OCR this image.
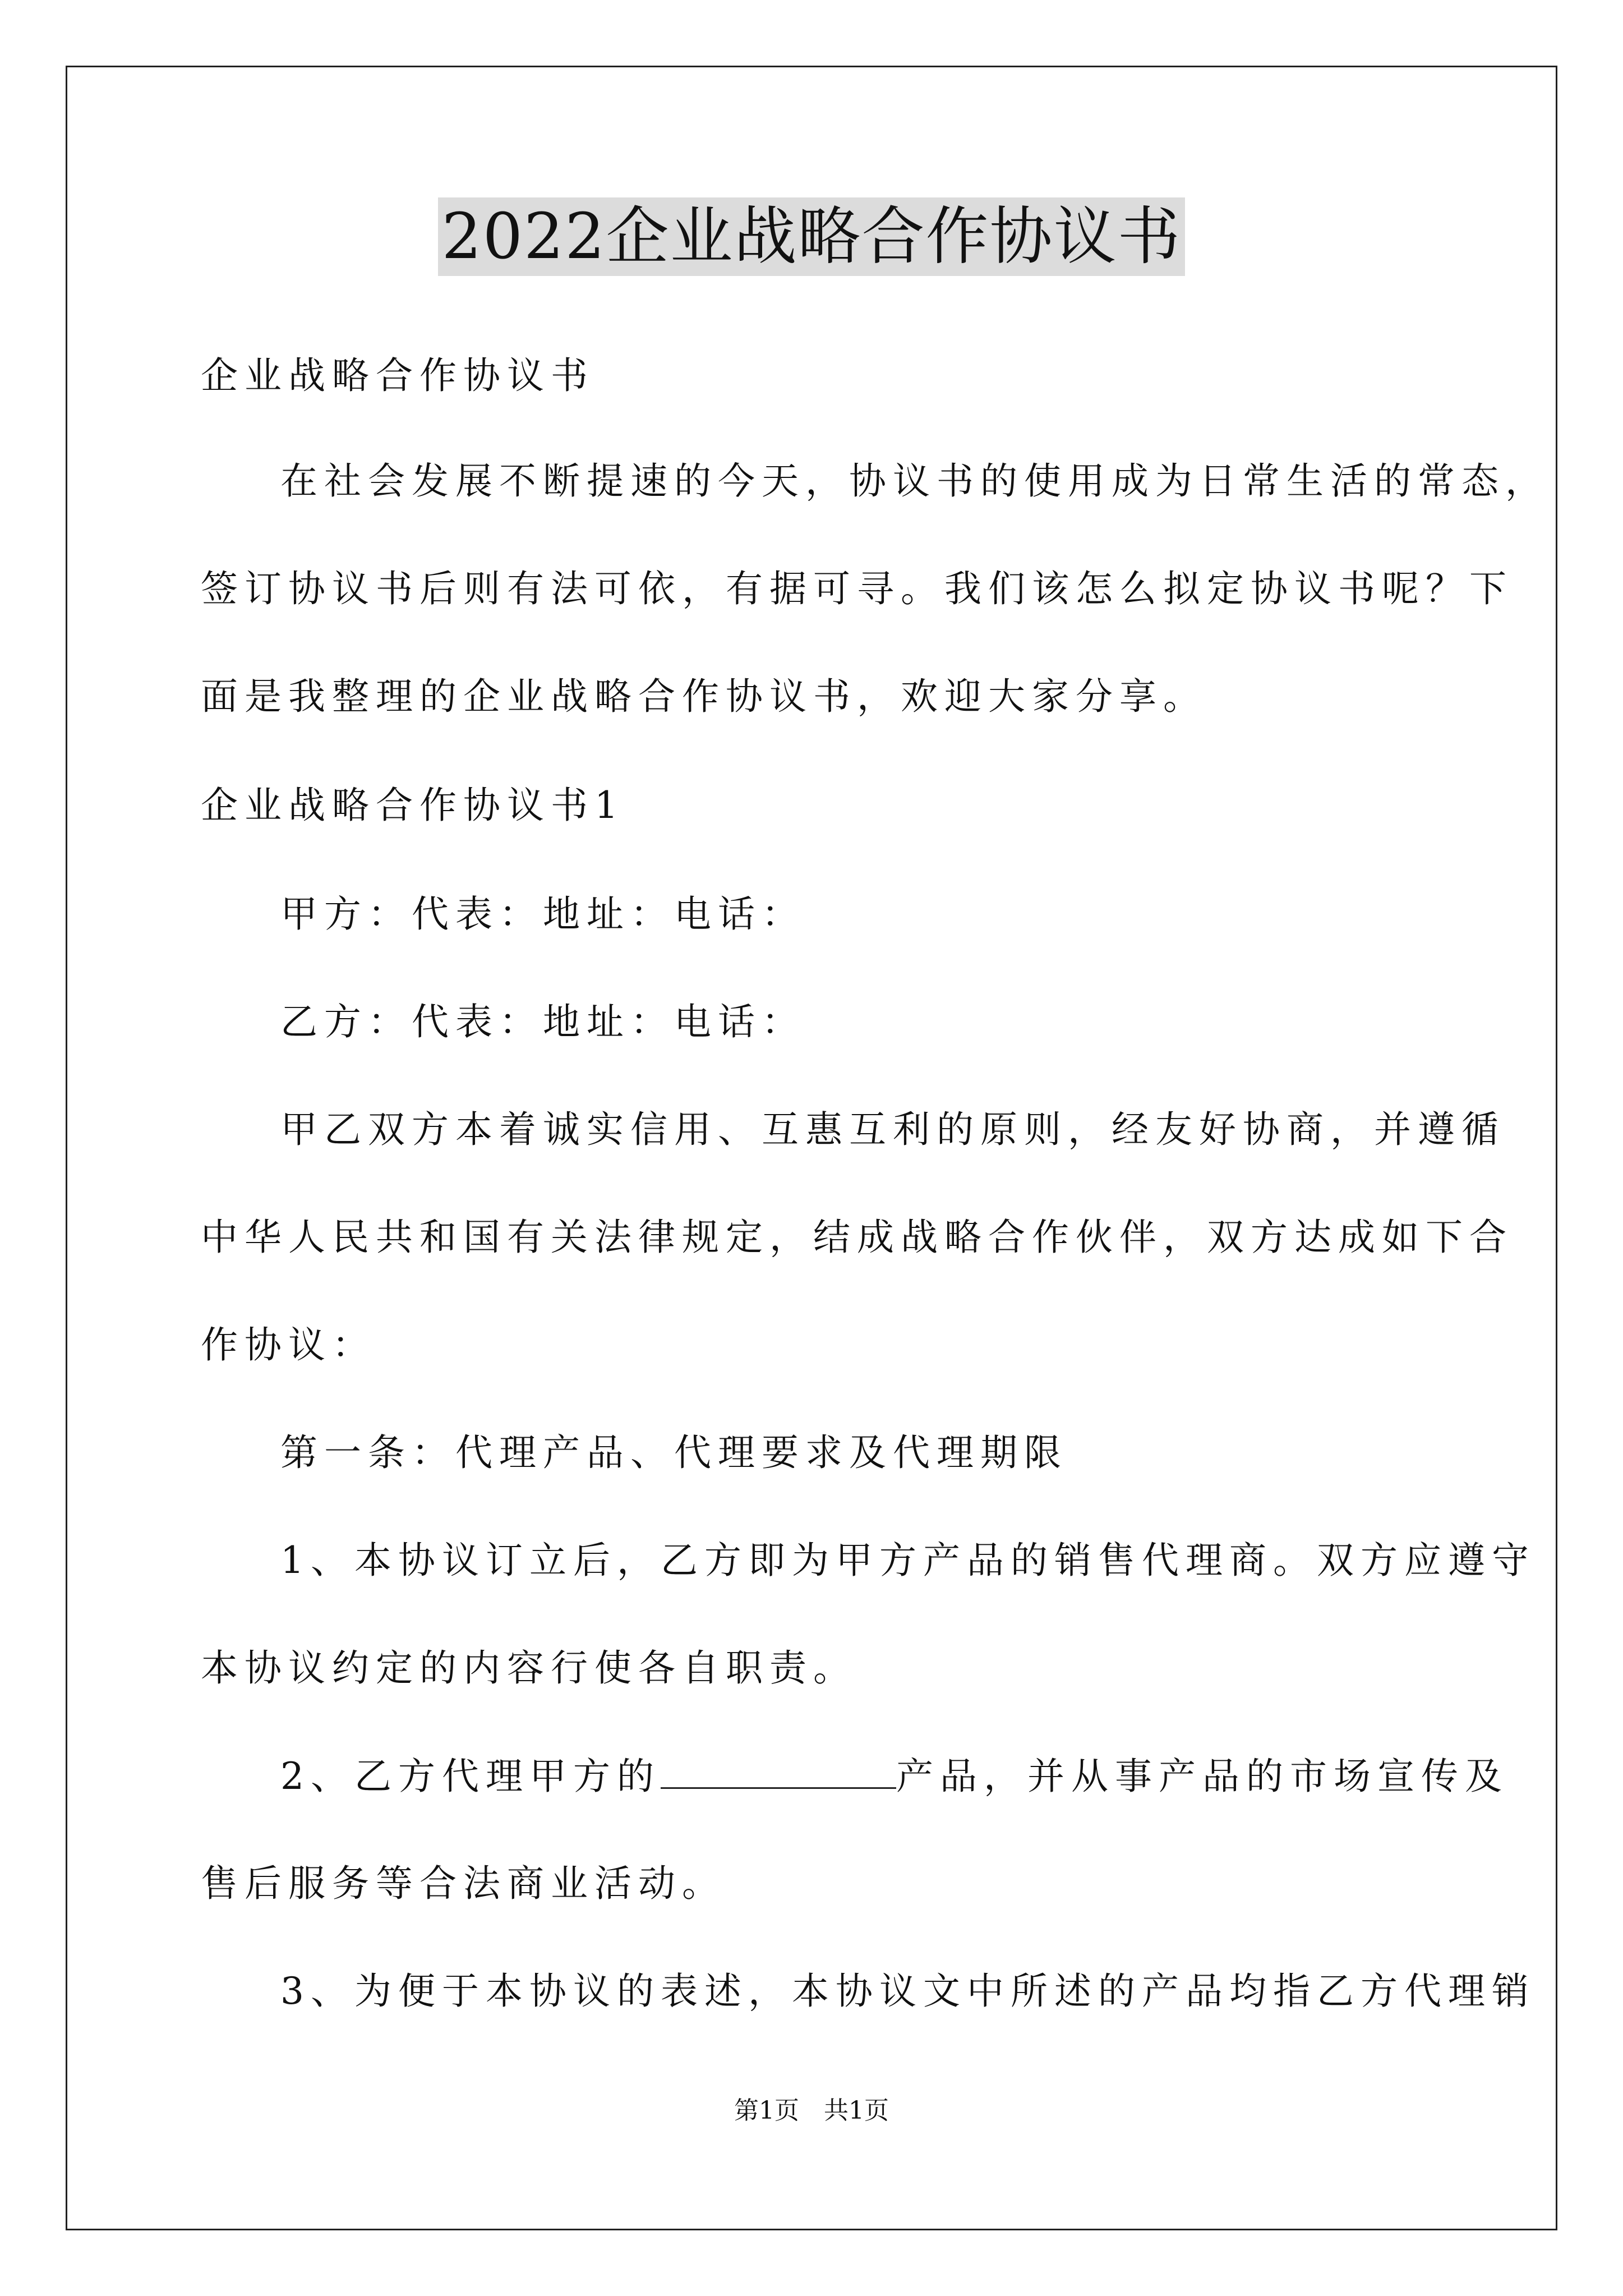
2022企业战略合作协议书
企业战略合作协议书
在社会发展不断提速的今天，协议书的使用成为日常生活的常态，
签订协议书后则有法可依，有据可寻。我们该怎么拟定协议书呢？下
面是我整理的企业战略合作协议书，欢迎大家分享。
企业战略合作协议书1
甲方：代表：地址：电话：
乙方：代表：地址：电话：
甲乙双方本着诚实信用、互惠互利的原则，经友好协商，并遵循
中华人民共和国有关法律规定，结成战略合作伙伴，双方达成如下合
作协议：
第一条：代理产品、代理要求及代理期限
1、本协议订立后，乙方即为甲方产品的销售代理商。双方应遵守
本协议约定的内容行使各自职责。
2、乙方代理甲方的	产品，并从事产品的市场宣传及
售后服务等合法商业活动。
3、为便于本协议的表述，本协议文中所述的产品均指乙方代理销
第1页　共1页
